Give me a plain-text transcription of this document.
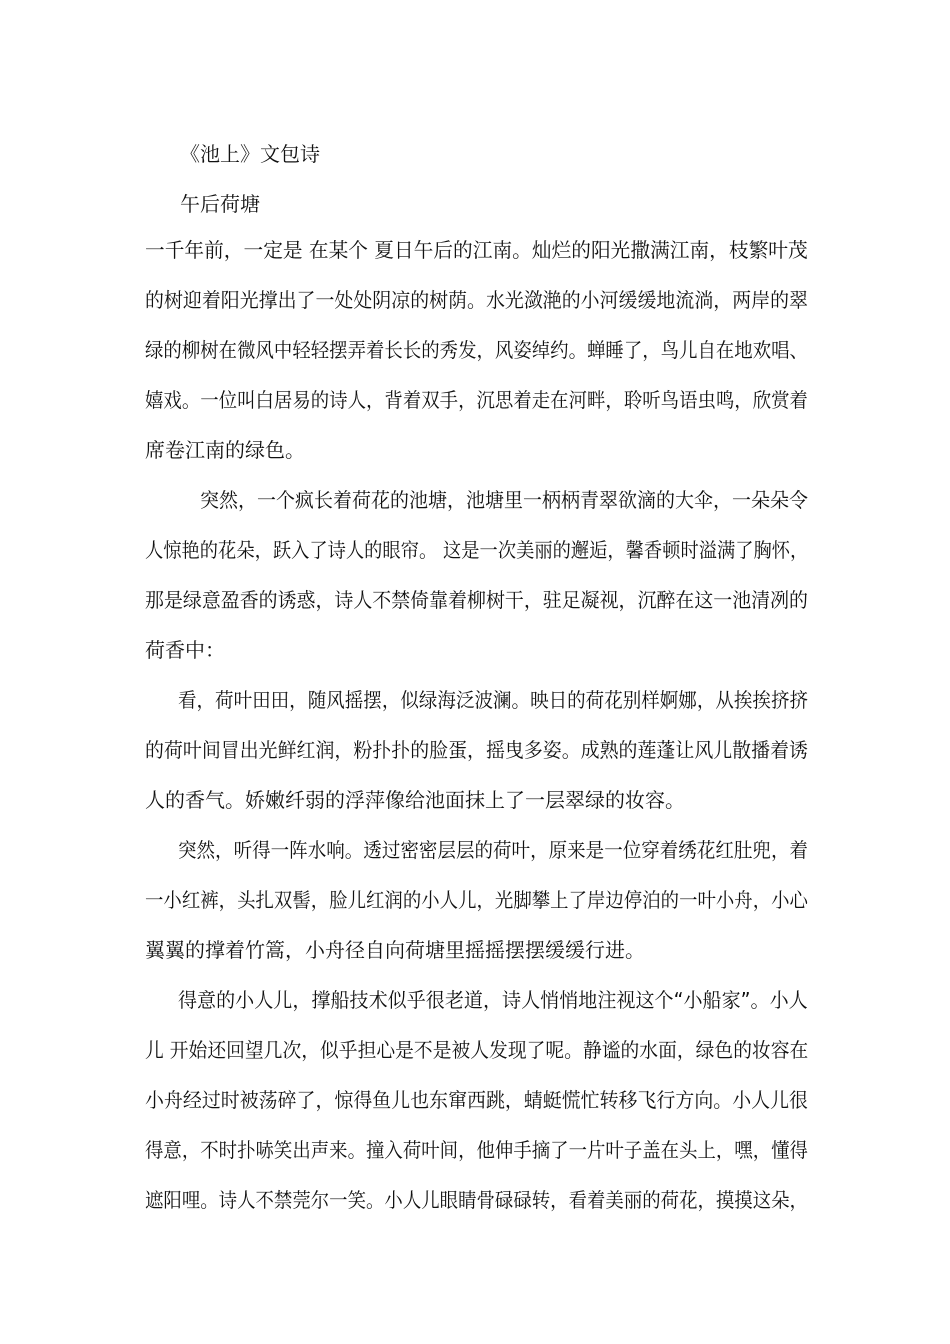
《池上》文包诗
午后荷塘
一千年前，一定是 在某个 夏日午后的江南。灿烂的阳光撒满江南，枝繁叶茂
的树迎着阳光撑出了一处处阴凉的树荫。水光潋滟的小河缓缓地流淌，两岸的翠
绿的柳树在微风中轻轻摆弄着长长的秀发，风姿绰约。蝉睡了，鸟儿自在地欢唱、
嬉戏。一位叫白居易的诗人，背着双手，沉思着走在河畔，聆听鸟语虫鸣，欣赏着
席卷江南的绿色。
突然，一个疯长着荷花的池塘，池塘里一柄柄青翠欲滴的大伞，一朵朵令
人惊艳的花朵，跃入了诗人的眼帘。 这是一次美丽的邂逅，馨香顿时溢满了胸怀，
那是绿意盈香的诱惑，诗人不禁倚靠着柳树干，驻足凝视，沉醉在这一池清冽的
荷香中：
看，荷叶田田，随风摇摆，似绿海泛波澜。映日的荷花别样婀娜，从挨挨挤挤
的荷叶间冒出光鲜红润，粉扑扑的脸蛋，摇曳多姿。成熟的莲蓬让风儿散播着诱
人的香气。娇嫩纤弱的浮萍像给池面抹上了一层翠绿的妆容。
突然，听得一阵水响。透过密密层层的荷叶，原来是一位穿着绣花红肚兜，着
一小红裤，头扎双髻，脸儿红润的小人儿，光脚攀上了岸边停泊的一叶小舟，小心
翼翼的撑着竹篙，小舟径自向荷塘里摇摇摆摆缓缓行进。
得意的小人儿，撑船技术似乎很老道，诗人悄悄地注视这个“小船家”。小人
儿 开始还回望几次，似乎担心是不是被人发现了呢。静谧的水面，绿色的妆容在
小舟经过时被荡碎了，惊得鱼儿也东窜西跳，蜻蜓慌忙转移飞行方向。小人儿很
得意，不时扑哧笑出声来。撞入荷叶间，他伸手摘了一片叶子盖在头上，嘿，懂得
遮阳哩。诗人不禁莞尔一笑。小人儿眼睛骨碌碌转，看着美丽的荷花，摸摸这朵，
